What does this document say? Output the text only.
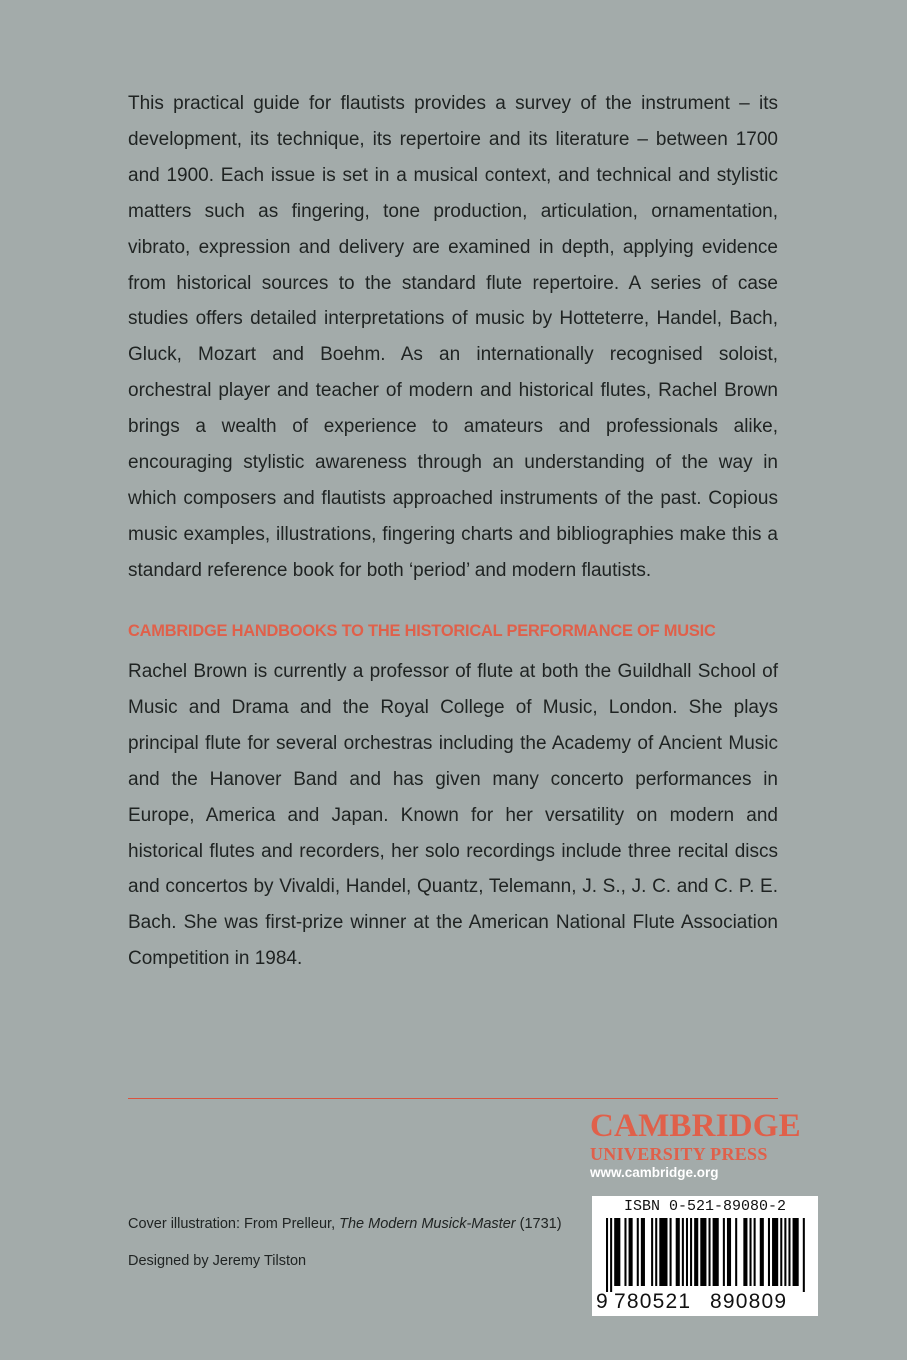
This practical guide for flautists provides a survey of the instrument – its development, its technique, its repertoire and its literature – between 1700 and 1900. Each issue is set in a musical context, and technical and stylistic matters such as fingering, tone production, articulation, ornamentation, vibrato, expression and delivery are examined in depth, applying evidence from historical sources to the standard flute repertoire. A series of case studies offers detailed interpretations of music by Hotteterre, Handel, Bach, Gluck, Mozart and Boehm. As an internationally recognised soloist, orchestral player and teacher of modern and historical flutes, Rachel Brown brings a wealth of experience to amateurs and professionals alike, encouraging stylistic awareness through an understanding of the way in which composers and flautists approached instruments of the past. Copious music examples, illustrations, fingering charts and bibliographies make this a standard reference book for both ‘period’ and modern flautists.

CAMBRIDGE HANDBOOKS TO THE HISTORICAL PERFORMANCE OF MUSIC

Rachel Brown is currently a professor of flute at both the Guildhall School of Music and Drama and the Royal College of Music, London. She plays principal flute for several orchestras including the Academy of Ancient Music and the Hanover Band and has given many concerto performances in Europe, America and Japan. Known for her versatility on modern and historical flutes and recorders, her solo recordings include three recital discs and concertos by Vivaldi, Handel, Quantz, Telemann, J. S., J. C. and C. P. E. Bach. She was first-prize winner at the American National Flute Association Competition in 1984.

CAMBRIDGE
UNIVERSITY PRESS
www.cambridge.org

Cover illustration: From Prelleur, The Modern Musick-Master (1731)

Designed by Jeremy Tilston

ISBN 0-521-89080-2
9 780521 890809
